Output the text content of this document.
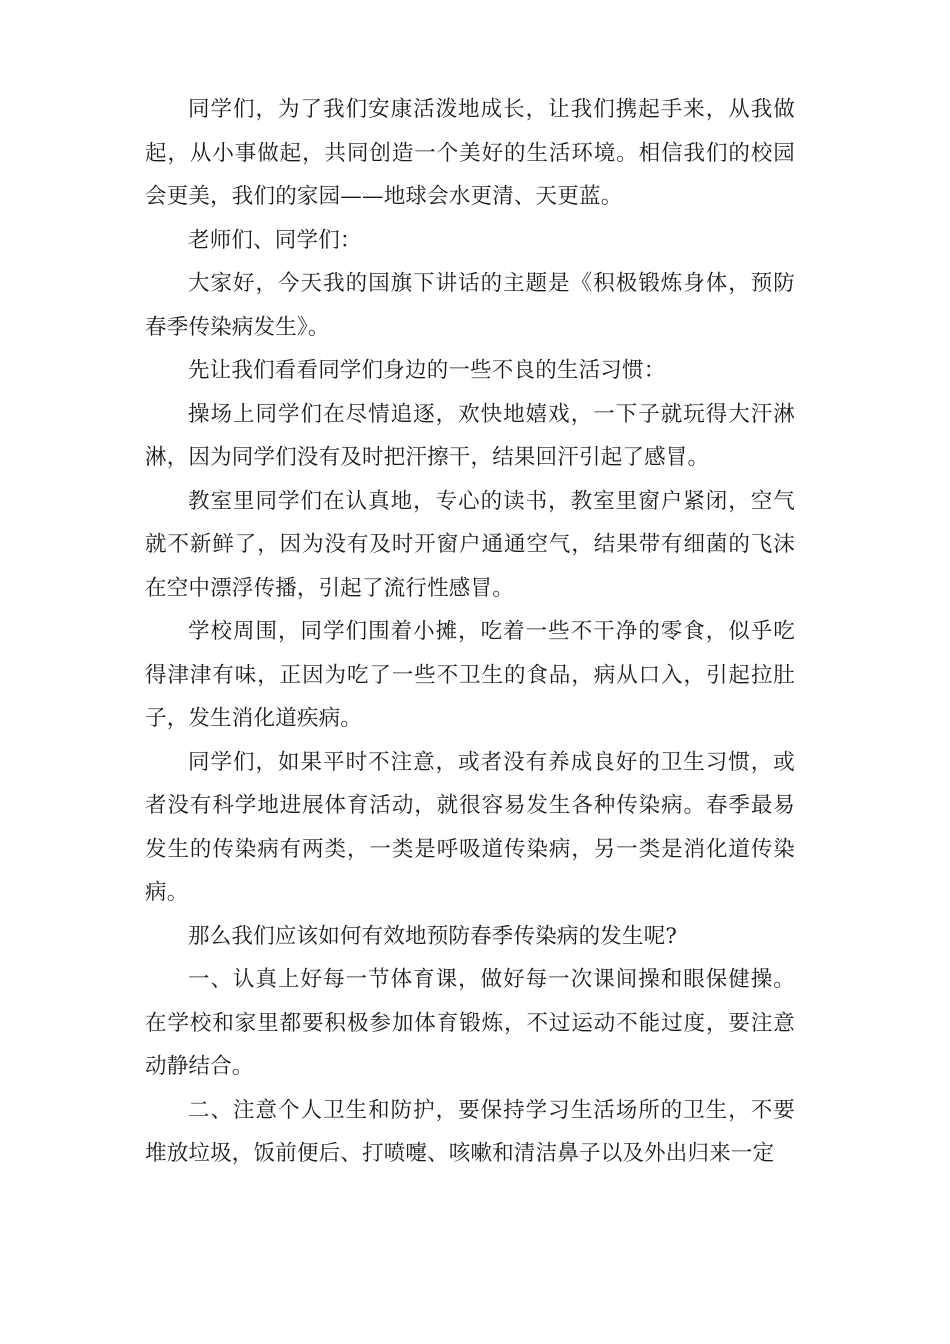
同学们，为了我们安康活泼地成长，让我们携起手来，从我做起，从小事做起，共同创造一个美好的生活环境。相信我们的校园会更美，我们的家园——地球会水更清、天更蓝。

老师们、同学们：

大家好，今天我的国旗下讲话的主题是《积极锻炼身体，预防春季传染病发生》。

先让我们看看同学们身边的一些不良的生活习惯：

操场上同学们在尽情追逐，欢快地嬉戏，一下子就玩得大汗淋淋，因为同学们没有及时把汗擦干，结果回汗引起了感冒。

教室里同学们在认真地，专心的读书，教室里窗户紧闭，空气就不新鲜了，因为没有及时开窗户通通空气，结果带有细菌的飞沫在空中漂浮传播，引起了流行性感冒。

学校周围，同学们围着小摊，吃着一些不干净的零食，似乎吃得津津有味，正因为吃了一些不卫生的食品，病从口入，引起拉肚子，发生消化道疾病。

同学们，如果平时不注意，或者没有养成良好的卫生习惯，或者没有科学地进展体育活动，就很容易发生各种传染病。春季最易发生的传染病有两类，一类是呼吸道传染病，另一类是消化道传染病。

那么我们应该如何有效地预防春季传染病的发生呢?

一、认真上好每一节体育课，做好每一次课间操和眼保健操。在学校和家里都要积极参加体育锻炼，不过运动不能过度，要注意动静结合。

二、注意个人卫生和防护，要保持学习生活场所的卫生，不要堆放垃圾，饭前便后、打喷嚏、咳嗽和清洁鼻子以及外出归来一定
